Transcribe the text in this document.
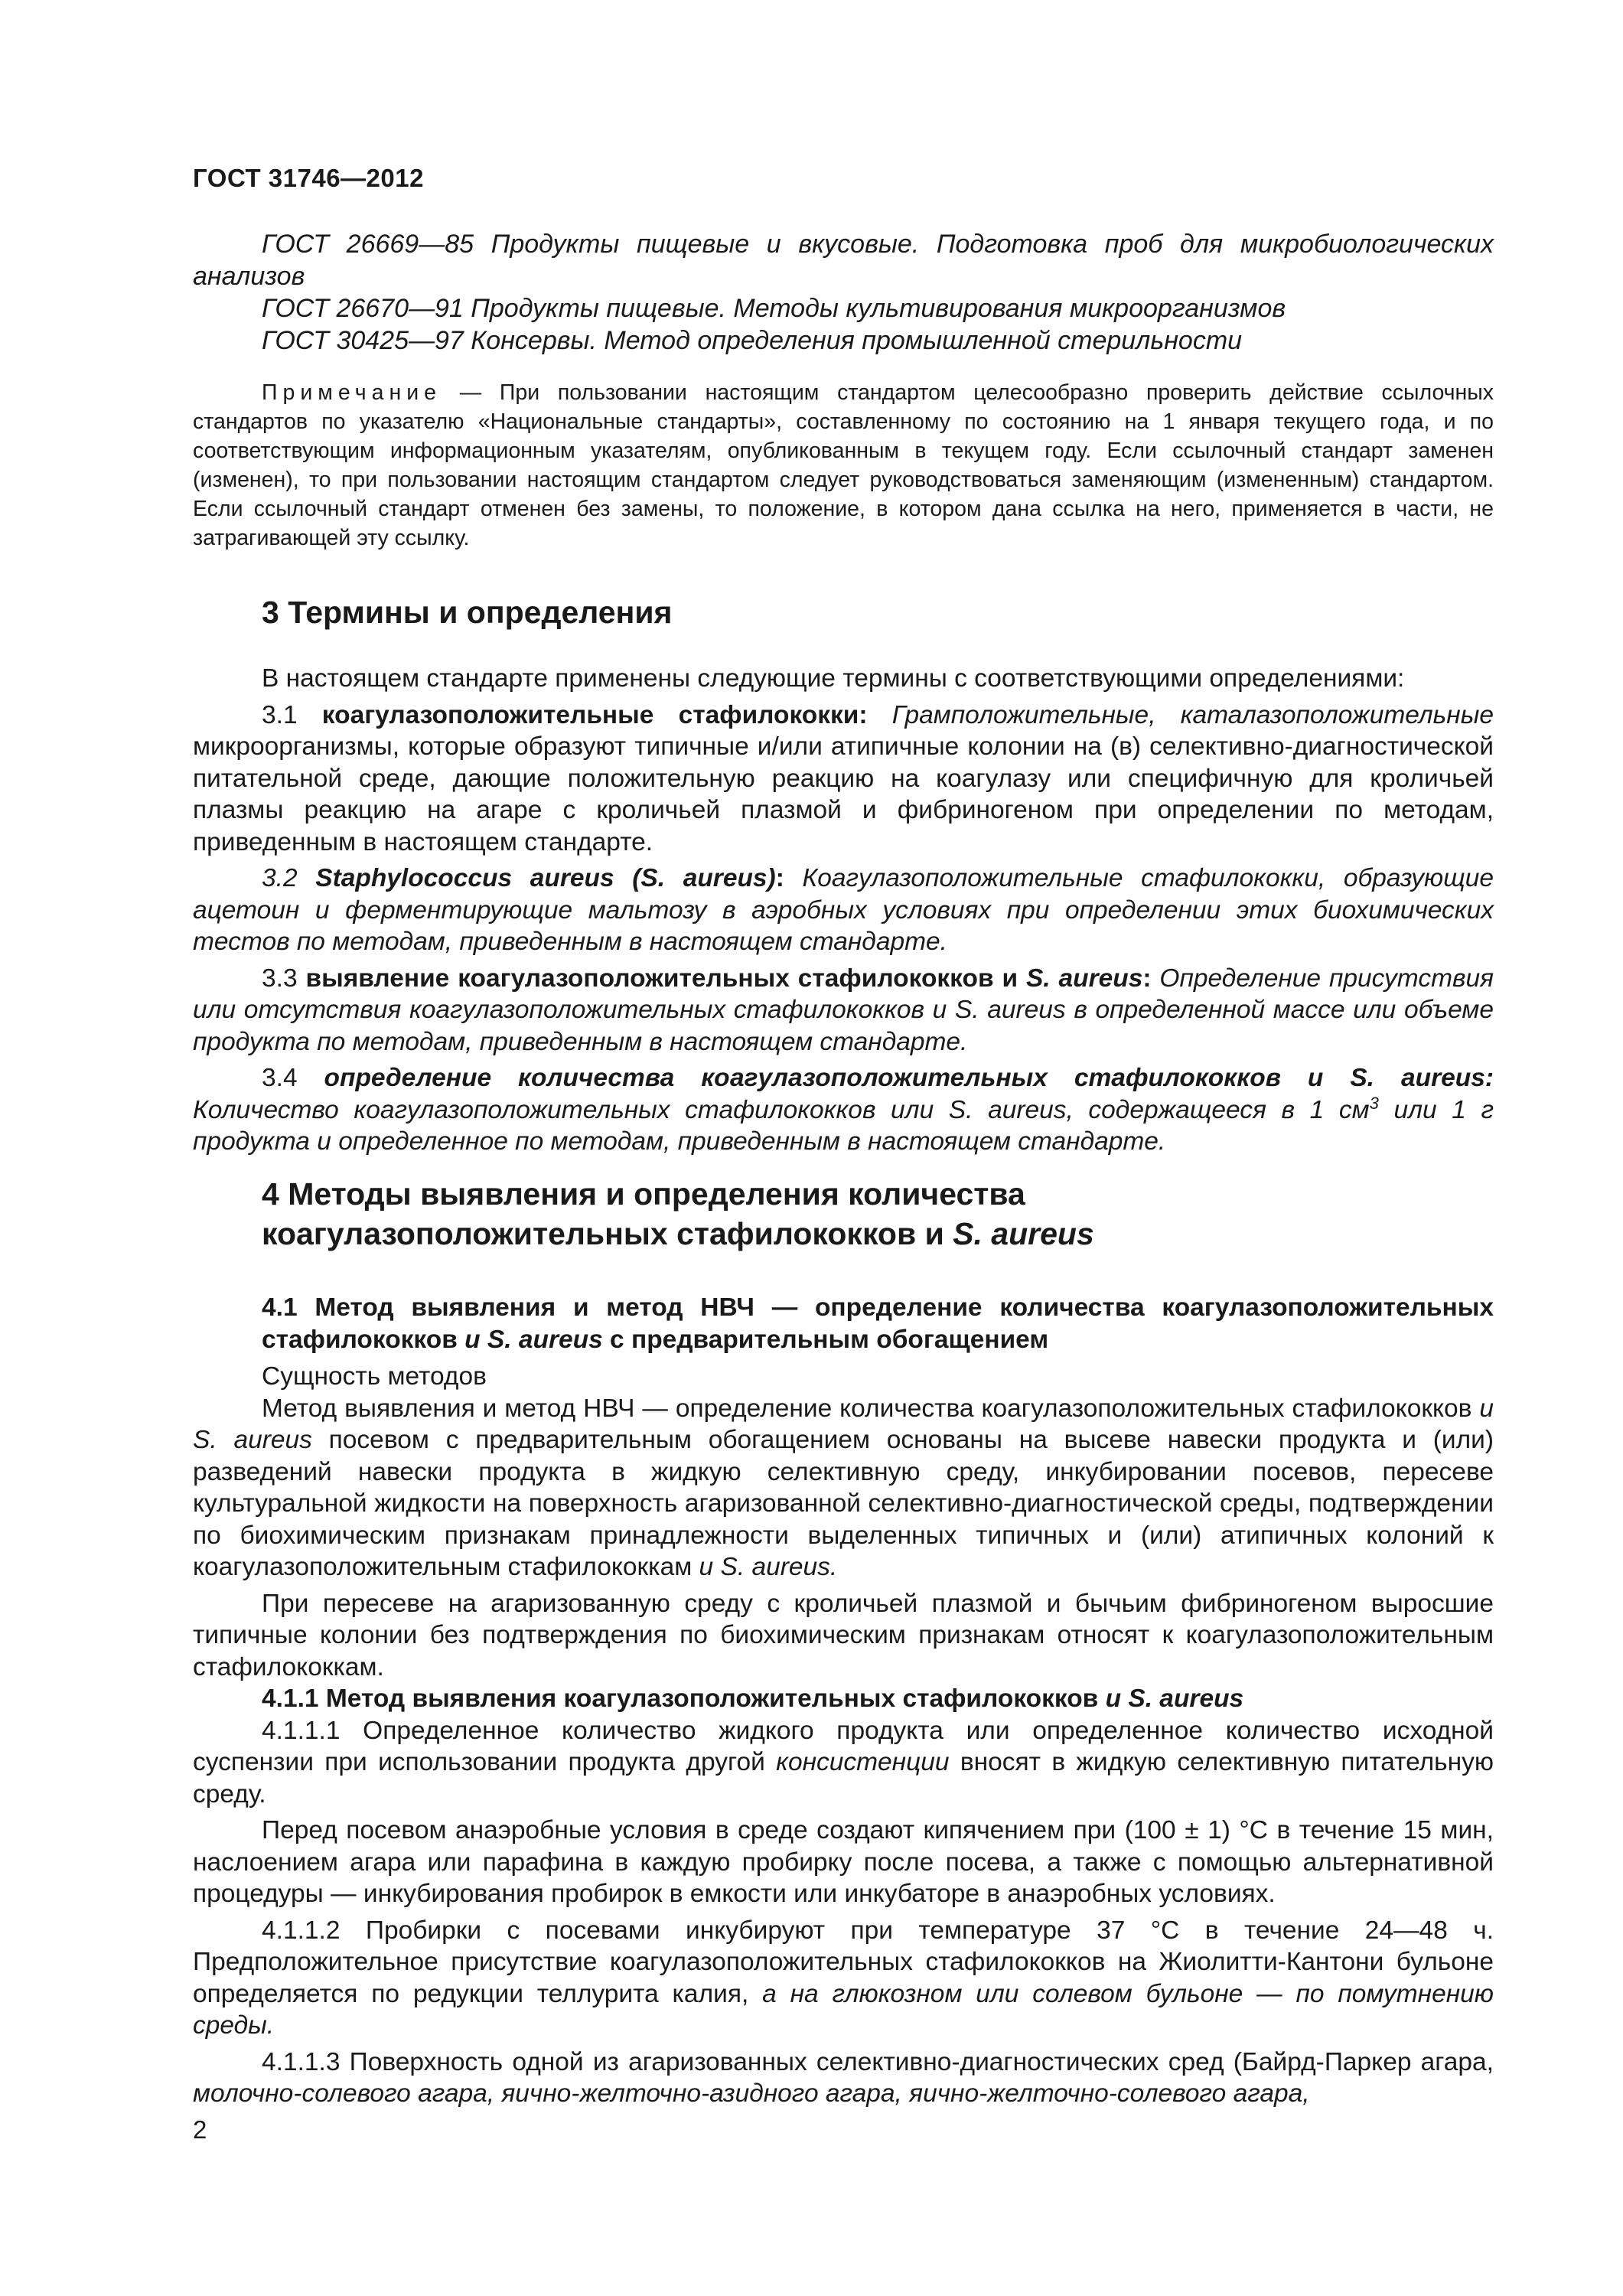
ГОСТ 31746—2012

ГОСТ 26669—85 Продукты пищевые и вкусовые. Подготовка проб для микробиологических анализов

ГОСТ 26670—91 Продукты пищевые. Методы культивирования микроорганизмов

ГОСТ 30425—97 Консервы. Метод определения промышленной стерильности

Примечание — При пользовании настоящим стандартом целесообразно проверить действие ссылочных стандартов по указателю «Национальные стандарты», составленному по состоянию на 1 января текущего года, и по соответствующим информационным указателям, опубликованным в текущем году. Если ссылочный стандарт заменен (изменен), то при пользовании настоящим стандартом следует руководствоваться заменяющим (измененным) стандартом. Если ссылочный стандарт отменен без замены, то положение, в котором дана ссылка на него, применяется в части, не затрагивающей эту ссылку.

3 Термины и определения

В настоящем стандарте применены следующие термины с соответствующими определениями:

3.1 коагулазоположительные стафилококки: Грамположительные, каталазоположительные микроорганизмы, которые образуют типичные и/или атипичные колонии на (в) селективно-диагностической питательной среде, дающие положительную реакцию на коагулазу или специфичную для кроличьей плазмы реакцию на агаре с кроличьей плазмой и фибриногеном при определении по методам, приведенным в настоящем стандарте.

3.2 Staphylococcus aureus (S. aureus): Коагулазоположительные стафилококки, образующие ацетоин и ферментирующие мальтозу в аэробных условиях при определении этих биохимических тестов по методам, приведенным в настоящем стандарте.

3.3 выявление коагулазоположительных стафилококков и S. aureus: Определение присутствия или отсутствия коагулазоположительных стафилококков и S. aureus в определенной массе или объеме продукта по методам, приведенным в настоящем стандарте.

3.4 определение количества коагулазоположительных стафилококков и S. aureus: Количество коагулазоположительных стафилококков или S. aureus, содержащееся в 1 $см^3$ или 1 г продукта и определенное по методам, приведенным в настоящем стандарте.

4 Методы выявления и определения количества
коагулазоположительных стафилококков и S. aureus
4.1 Метод выявления и метод НВЧ — определение количества коагулазоположительных стафилококков u S. aureus с предварительным обогащением

Сущность методов

Метод выявления и метод НВЧ — определение количества коагулазоположительных стафилококков и S. aureus посевом с предварительным обогащением основаны на высеве навески продукта и (или) разведений навески продукта в жидкую селективную среду, инкубировании посевов, пересеве культуральной жидкости на поверхность агаризованной селективно-диагностической среды, подтверждении по биохимическим признакам принадлежности выделенных типичных и (или) атипичных колоний к коагулазоположительным стафилококкам и S. aureus.

При пересеве на агаризованную среду с кроличьей плазмой и бычьим фибриногеном выросшие типичные колонии без подтверждения по биохимическим признакам относят к коагулазоположительным стафилококкам.

4.1.1 Метод выявления коагулазоположительных стафилококков u S. aureus

4.1.1.1 Определенное количество жидкого продукта или определенное количество исходной суспензии при использовании продукта другой консистенции вносят в жидкую селективную питательную среду.

Перед посевом анаэробные условия в среде создают кипячением при (100 ± 1) °С в течение 15 мин, наслоением агара или парафина в каждую пробирку после посева, а также с помощью альтернативной процедуры — инкубирования пробирок в емкости или инкубаторе в анаэробных условиях.

4.1.1.2 Пробирки с посевами инкубируют при температуре 37 °С в течение 24—48 ч. Предположительное присутствие коагулазоположительных стафилококков на Жиолитти-Кантони бульоне определяется по редукции теллурита калия, а на глюкозном или солевом бульоне — по помутнению среды.

4.1.1.3 Поверхность одной из агаризованных селективно-диагностических сред (Байрд-Паркер агара, молочно-солевого агара, яично-желточно-азидного агара, яично-желточно-солевого агара,

2
